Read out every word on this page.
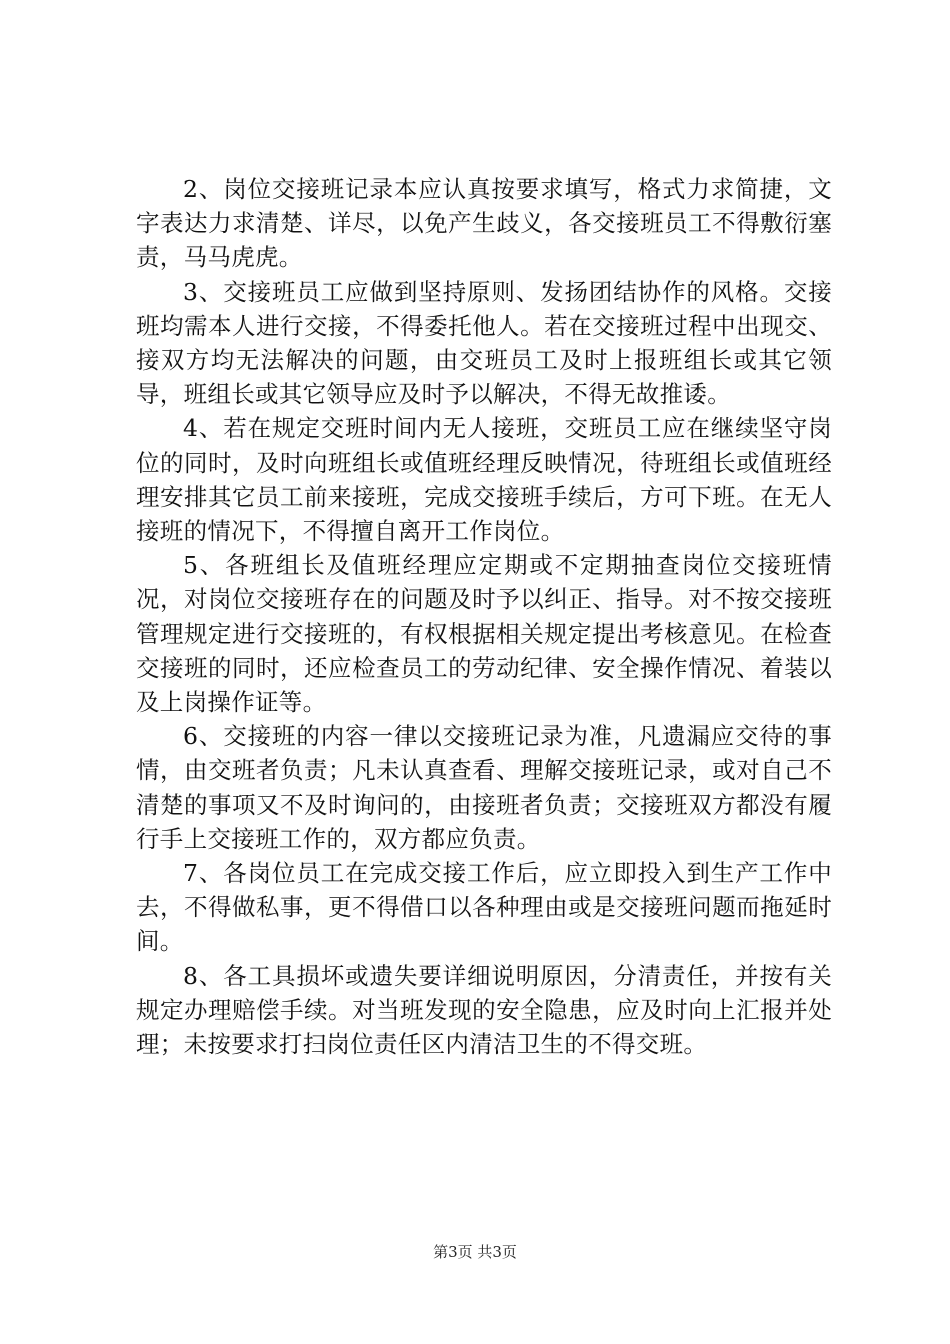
2、岗位交接班记录本应认真按要求填写，格式力求简捷，文字表达力求清楚、详尽，以免产生歧义，各交接班员工不得敷衍塞责，马马虎虎。

3、交接班员工应做到坚持原则、发扬团结协作的风格。交接班均需本人进行交接，不得委托他人。若在交接班过程中出现交、接双方均无法解决的问题，由交班员工及时上报班组长或其它领导，班组长或其它领导应及时予以解决，不得无故推诿。

4、若在规定交班时间内无人接班，交班员工应在继续坚守岗位的同时，及时向班组长或值班经理反映情况，待班组长或值班经理安排其它员工前来接班，完成交接班手续后，方可下班。在无人接班的情况下，不得擅自离开工作岗位。

5、各班组长及值班经理应定期或不定期抽查岗位交接班情况，对岗位交接班存在的问题及时予以纠正、指导。对不按交接班管理规定进行交接班的，有权根据相关规定提出考核意见。在检查交接班的同时，还应检查员工的劳动纪律、安全操作情况、着装以及上岗操作证等。

6、交接班的内容一律以交接班记录为准，凡遗漏应交待的事情，由交班者负责；凡未认真查看、理解交接班记录，或对自己不清楚的事项又不及时询问的，由接班者负责；交接班双方都没有履行手上交接班工作的，双方都应负责。

7、各岗位员工在完成交接工作后，应立即投入到生产工作中去，不得做私事，更不得借口以各种理由或是交接班问题而拖延时间。

8、各工具损坏或遗失要详细说明原因，分清责任，并按有关规定办理赔偿手续。对当班发现的安全隐患，应及时向上汇报并处理；未按要求打扫岗位责任区内清洁卫生的不得交班。

第3页 共3页
